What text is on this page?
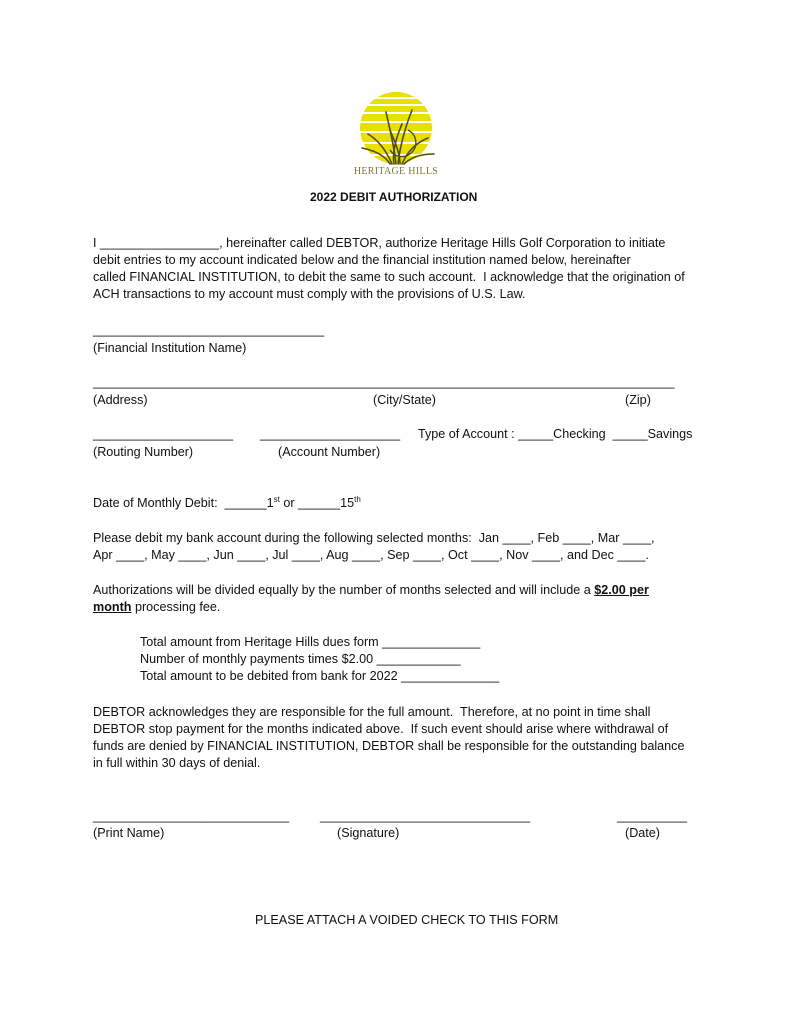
HERITAGE HILLS
2022 DEBIT AUTHORIZATION
I _________________, hereinafter called DEBTOR, authorize Heritage Hills Golf Corporation to initiate
debit entries to my account indicated below and the financial institution named below, hereinafter
called FINANCIAL INSTITUTION, to debit the same to such account.  I acknowledge that the origination of
ACH transactions to my account must comply with the provisions of U.S. Law.
_________________________________
(Financial Institution Name)
___________________________________________________________________________________
(Address)	(City/State)	(Zip)
____________________ ____________________ Type of Account : _____Checking  _____Savings
(Routing Number)	(Account Number)
Date of Monthly Debit:  ______1st or ______15th
Please debit my bank account during the following selected months:  Jan ____, Feb ____, Mar ____,
Apr ____, May ____, Jun ____, Jul ____, Aug ____, Sep ____, Oct ____, Nov ____, and Dec ____.
Authorizations will be divided equally by the number of months selected and will include a $2.00 per
month processing fee.
Total amount from Heritage Hills dues form ______________
Number of monthly payments times $2.00 ____________
Total amount to be debited from bank for 2022 ______________
DEBTOR acknowledges they are responsible for the full amount.  Therefore, at no point in time shall
DEBTOR stop payment for the months indicated above.  If such event should arise where withdrawal of
funds are denied by FINANCIAL INSTITUTION, DEBTOR shall be responsible for the outstanding balance
in full within 30 days of denial.
____________________________ ______________________________	__________
(Print Name)	(Signature)	(Date)
PLEASE ATTACH A VOIDED CHECK TO THIS FORM
